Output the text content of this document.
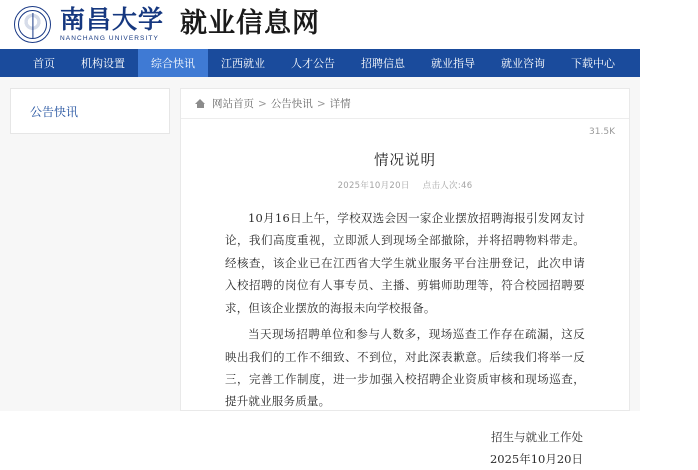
南昌大学
NANCHANG UNIVERSITY 就业信息网
首页	机构设置	综合快讯	江西就业	人才公告	招聘信息	就业指导	就业咨询	下载中心	办事指南
公告快讯
网站首页 > 公告快讯 > 详情
31.5K
情况说明
2025年10月20日 点击人次:46

10月16日上午，学校双选会因一家企业摆放招聘海报引发网友讨论，我们高度重视，立即派人到现场全部撤除，并将招聘物料带走。经核查，该企业已在江西省大学生就业服务平台注册登记，此次申请入校招聘的岗位有人事专员、主播、剪辑师助理等，符合校园招聘要求，但该企业摆放的海报未向学校报备。

当天现场招聘单位和参与人数多，现场巡查工作存在疏漏，这反映出我们的工作不细致、不到位，对此深表歉意。后续我们将举一反三，完善工作制度，进一步加强入校招聘企业资质审核和现场巡查，提升就业服务质量。

招生与就业工作处
2025年10月20日
